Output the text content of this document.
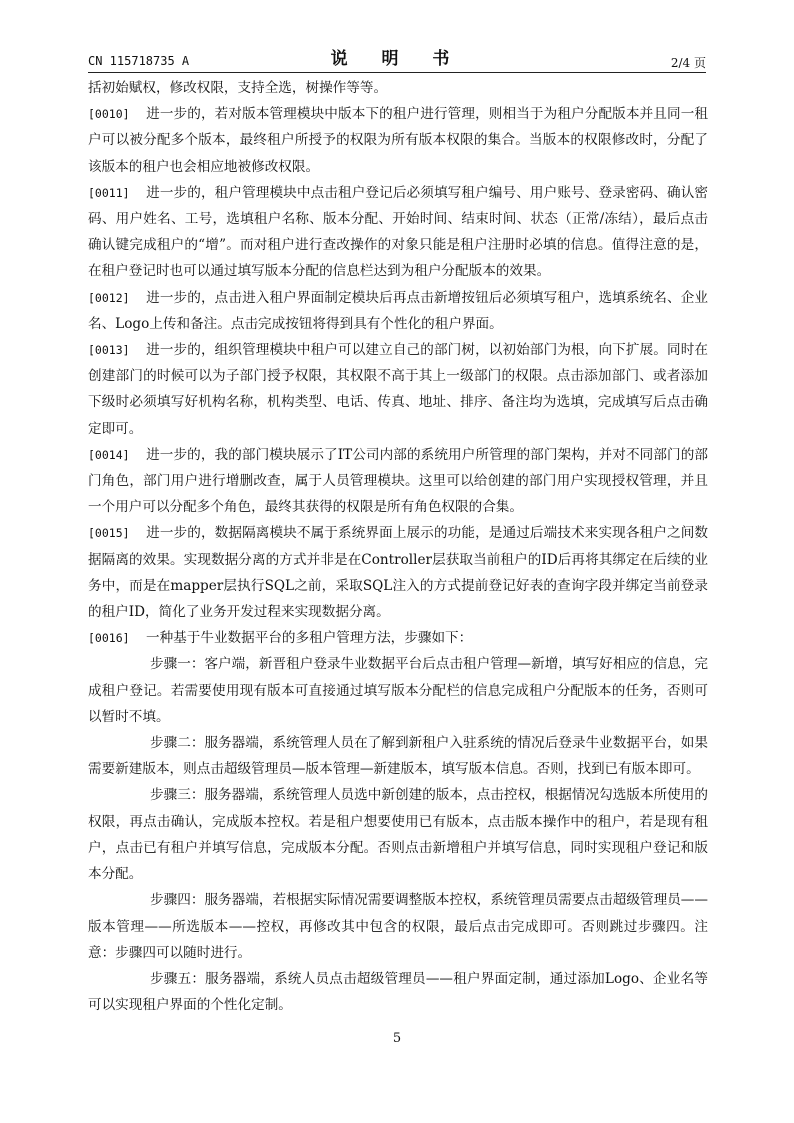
CN 115718735 A	说 明 书	2/4 页

括初始赋权，修改权限，支持全选，树操作等等。

[0010] 进一步的，若对版本管理模块中版本下的租户进行管理，则相当于为租户分配版本并且同一租户可以被分配多个版本，最终租户所授予的权限为所有版本权限的集合。当版本的权限修改时，分配了该版本的租户也会相应地被修改权限。

[0011] 进一步的，租户管理模块中点击租户登记后必须填写租户编号、用户账号、登录密码、确认密码、用户姓名、工号，选填租户名称、版本分配、开始时间、结束时间、状态（正常/冻结），最后点击确认键完成租户的“增”。而对租户进行查改操作的对象只能是租户注册时必填的信息。值得注意的是，在租户登记时也可以通过填写版本分配的信息栏达到为租户分配版本的效果。

[0012] 进一步的，点击进入租户界面制定模块后再点击新增按钮后必须填写租户，选填系统名、企业名、Logo上传和备注。点击完成按钮将得到具有个性化的租户界面。

[0013] 进一步的，组织管理模块中租户可以建立自己的部门树，以初始部门为根，向下扩展。同时在创建部门的时候可以为子部门授予权限，其权限不高于其上一级部门的权限。点击添加部门、或者添加下级时必须填写好机构名称，机构类型、电话、传真、地址、排序、备注均为选填，完成填写后点击确定即可。

[0014] 进一步的，我的部门模块展示了IT公司内部的系统用户所管理的部门架构，并对不同部门的部门角色，部门用户进行增删改查，属于人员管理模块。这里可以给创建的部门用户实现授权管理，并且一个用户可以分配多个角色，最终其获得的权限是所有角色权限的合集。

[0015] 进一步的，数据隔离模块不属于系统界面上展示的功能，是通过后端技术来实现各租户之间数据隔离的效果。实现数据分离的方式并非是在Controller层获取当前租户的ID后再将其绑定在后续的业务中，而是在mapper层执行SQL之前，采取SQL注入的方式提前登记好表的查询字段并绑定当前登录的租户ID，简化了业务开发过程来实现数据分离。

[0016] 一种基于牛业数据平台的多租户管理方法，步骤如下：

步骤一：客户端，新晋租户登录牛业数据平台后点击租户管理—新增，填写好相应的信息，完成租户登记。若需要使用现有版本可直接通过填写版本分配栏的信息完成租户分配版本的任务，否则可以暂时不填。

步骤二：服务器端，系统管理人员在了解到新租户入驻系统的情况后登录牛业数据平台，如果需要新建版本，则点击超级管理员—版本管理—新建版本，填写版本信息。否则，找到已有版本即可。

步骤三：服务器端，系统管理人员选中新创建的版本，点击控权，根据情况勾选版本所使用的权限，再点击确认，完成版本控权。若是租户想要使用已有版本，点击版本操作中的租户，若是现有租户，点击已有租户并填写信息，完成版本分配。否则点击新增租户并填写信息，同时实现租户登记和版本分配。

步骤四：服务器端，若根据实际情况需要调整版本控权，系统管理员需要点击超级管理员——版本管理——所选版本——控权，再修改其中包含的权限，最后点击完成即可。否则跳过步骤四。注意：步骤四可以随时进行。

步骤五：服务器端，系统人员点击超级管理员——租户界面定制，通过添加Logo、企业名等可以实现租户界面的个性化定制。

5
